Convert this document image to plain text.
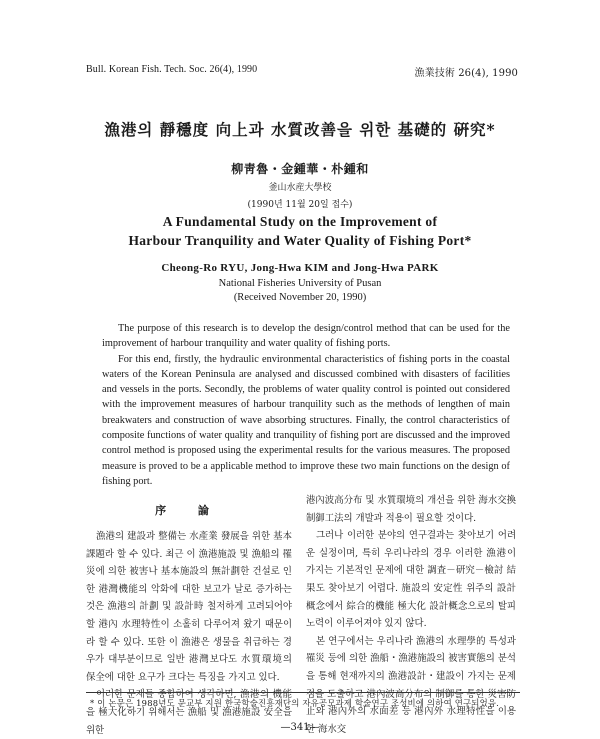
Bull. Korean Fish. Tech. Soc. 26(4), 1990	漁業技術 26(4), 1990
漁港의 靜穩度 向上과 水質改善을 위한 基礎的 硏究*
柳靑魯・金鍾華・朴鍾和
釜山水産大學校
(1990년 11월 20일 접수)
A Fundamental Study on the Improvement of
Harbour Tranquility and Water Quality of Fishing Port*
Cheong-Ro RYU, Jong-Hwa KIM and Jong-Hwa PARK
National Fisheries University of Pusan
(Received November 20, 1990)

The purpose of this research is to develop the design/control method that can be used for the improvement of harbour tranquility and water quality of fishing ports.

For this end, firstly, the hydraulic environmental characteristics of fishing ports in the coastal waters of the Korean Peninsula are analysed and discussed combined with disasters of facilities and vessels in the ports. Secondly, the problems of water quality control is pointed out considered with the improvement measures of harbour tranquility such as the methods of lengthen of main breakwaters and construction of wave absorbing structures. Finally, the control characteristics of composite functions of water quality and tranquility of fishing port are discussed and the improved control method is proposed using the experimental results for the various measures. The proposed measure is proved to be a applicable method to improve these two main functions on the design of fishing port.

序 論

漁港의 建設과 整備는 水產業 發展을 위한 基本課題라 할 수 있다. 최근 이 漁港施設 및 漁船의 罹災에 의한 被害나 基本施設의 無計劃한 건설로 인한 港灣機能의 악화에 대한 보고가 날로 증가하는 것은 漁港의 計劃 및 設計時 철저하게 고려되어야 할 港內 水理特性이 소홀히 다루어져 왔기 때문이라 할 수 있다. 또한 이 漁港은 생물을 취급하는 경우가 대부분이므로 일반 港灣보다도 水質環境의 保全에 대한 요구가 크다는 특징을 가지고 있다.

이러한 문제들 종합하여 생각하면, 漁港의 機能을 極大化하기 위해서는 漁船 및 漁港施設 安全을 위한

港內波高分布 및 水質環境의 개선을 위한 海水交換制御工法의 개발과 적용이 필요할 것이다.

그러나 이러한 분야의 연구결과는 찾아보기 어려운 실정이며, 특히 우리나라의 경우 이러한 漁港이 가지는 기본적인 문제에 대한 調査－研究－檢討 結果도 찾아보기 어렵다. 施設의 安定性 위주의 設計概念에서 綜合的機能 極大化 設計概念으로의 탈피 노력이 이루어져야 있지 않다.

본 연구에서는 우리나라 漁港의 水理學的 특성과 罹災 등에 의한 漁船・漁港施設의 被害實態의 분석을 통해 현재까지의 漁港設計・建設이 가지는 문제점을 도출하고 港內波高分布의 制御를 통한 災害防止와 港內外의 水面差 등 港內外 水理特性을 이용한 海水交

* 이 논문은 1988년도 문교부 지원 한국학술진흥재단의 자유공모과제 학술연구 조성비에 의하여 연구되었음.
—341—
